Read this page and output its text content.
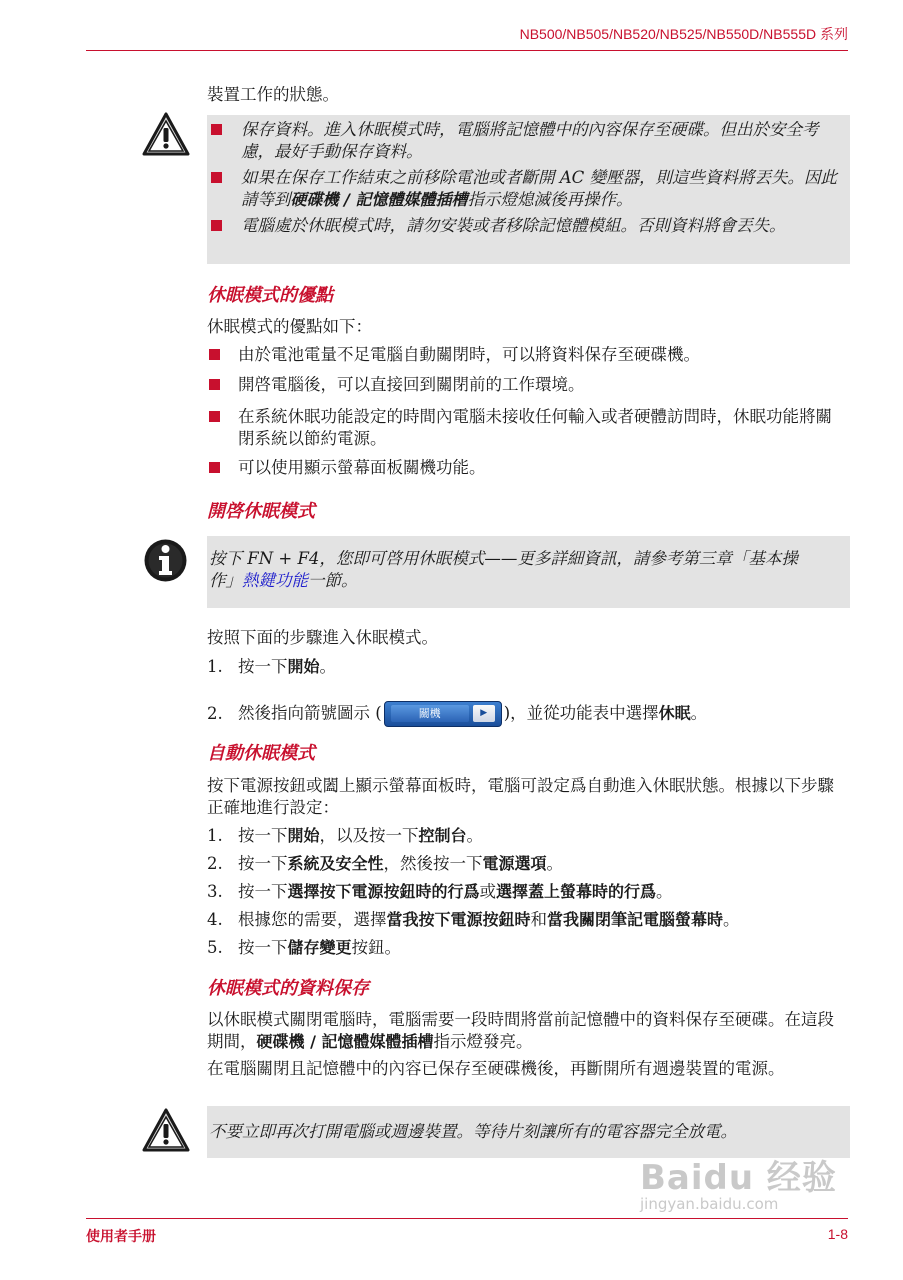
NB500/NB505/NB520/NB525/NB550D/NB555D 系列
裝置工作的狀態。
保存資料。進入休眠模式時，電腦將記憶體中的內容保存至硬碟。但出於安全考慮，最好手動保存資料。
如果在保存工作結束之前移除電池或者斷開 AC 變壓器，則這些資料將丟失。因此請等到硬碟機 / 記憶體媒體插槽指示燈熄滅後再操作。
電腦處於休眠模式時，請勿安裝或者移除記憶體模組。否則資料將會丟失。
休眠模式的優點
休眠模式的優點如下：
由於電池電量不足電腦自動關閉時，可以將資料保存至硬碟機。
開啓電腦後，可以直接回到關閉前的工作環境。
在系統休眠功能設定的時間內電腦未接收任何輸入或者硬體訪問時，休眠功能將關閉系統以節約電源。
可以使用顯示螢幕面板關機功能。
開啓休眠模式
按下 FN + F4，您即可啓用休眠模式——更多詳細資訊，請參考第三章「基本操作」熱鍵功能一節。
按照下面的步驟進入休眠模式。
1. 按一下開始。
2. 然後指向箭號圖示 (	關機	▶	)，並從功能表中選擇休眠。
自動休眠模式
按下電源按鈕或闔上顯示螢幕面板時，電腦可設定爲自動進入休眠狀態。根據以下步驟正確地進行設定：
1. 按一下開始，以及按一下控制台。
2. 按一下系統及安全性，然後按一下電源選項。
3. 按一下選擇按下電源按鈕時的行爲或選擇蓋上螢幕時的行爲。
4. 根據您的需要，選擇當我按下電源按鈕時和當我關閉筆記電腦螢幕時。
5. 按一下儲存變更按鈕。
休眠模式的資料保存
以休眠模式關閉電腦時，電腦需要一段時間將當前記憶體中的資料保存至硬碟。在這段期間，硬碟機 / 記憶體媒體插槽指示燈發亮。
在電腦關閉且記憶體中的內容已保存至硬碟機後，再斷開所有週邊裝置的電源。
不要立即再次打開電腦或週邊裝置。等待片刻讓所有的電容器完全放電。
使用者手册	1-8
Baidu 经验
jingyan.baidu.com
